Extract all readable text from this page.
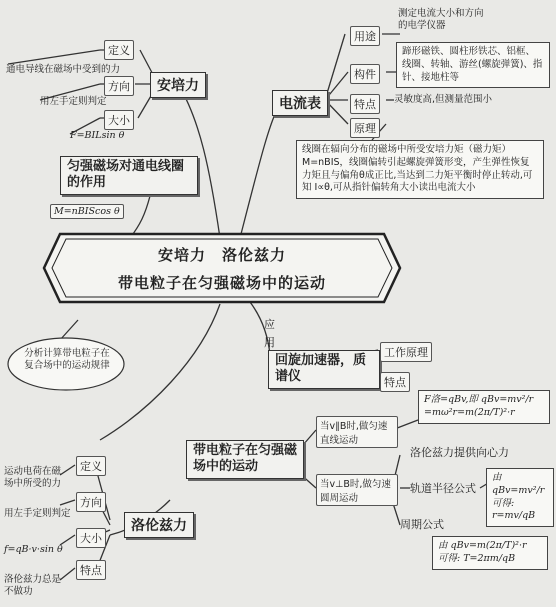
安培力　洛伦兹力
带电粒子在匀强磁场中的运动
安培力
定义
通电导线在磁场中受到的力
方向
用左手定则判定
大小
F=BILsin θ
匀强磁场对通电线圈的作用
M=nBIScos θ
电流表
用途
测定电流大小和方向的电学仪器
构件
蹄形磁铁、圆柱形铁芯、铝框、线圈、转轴、游丝(螺旋弹簧)、指针、接地柱等
特点	灵敏度高,但测量范围小
原理
线圈在辐向分布的磁场中所受安培力矩（磁力矩）M=nBIS，线圈偏转引起螺旋弹簧形变，产生弹性恢复力矩且与偏角θ成正比,当达到二力矩平衡时停止转动,可知 I∝θ,可从指针偏转角大小读出电流大小
应
用
回旋加速器，质谱仪
工作原理
特点
分析计算带电粒子在复合场中的运动规律
带电粒子在匀强磁场中的运动
当v∥B时,做匀速直线运动
当v⊥B时,做匀速圆周运动
F洛=qBv,即 qBv=mv²/r
=mω²r=m(2π/T)²·r
洛伦兹力提供向心力
轨道半径公式
由 qBv=mv²/r
可得: r=mv/qB
周期公式
由 qBv=m(2π/T)²·r
可得: T=2πm/qB
洛伦兹力
定义
运动电荷在磁场中所受的力
方向
用左手定则判定
大小
f=qB·v·sin θ
特点
洛伦兹力总是不做功
